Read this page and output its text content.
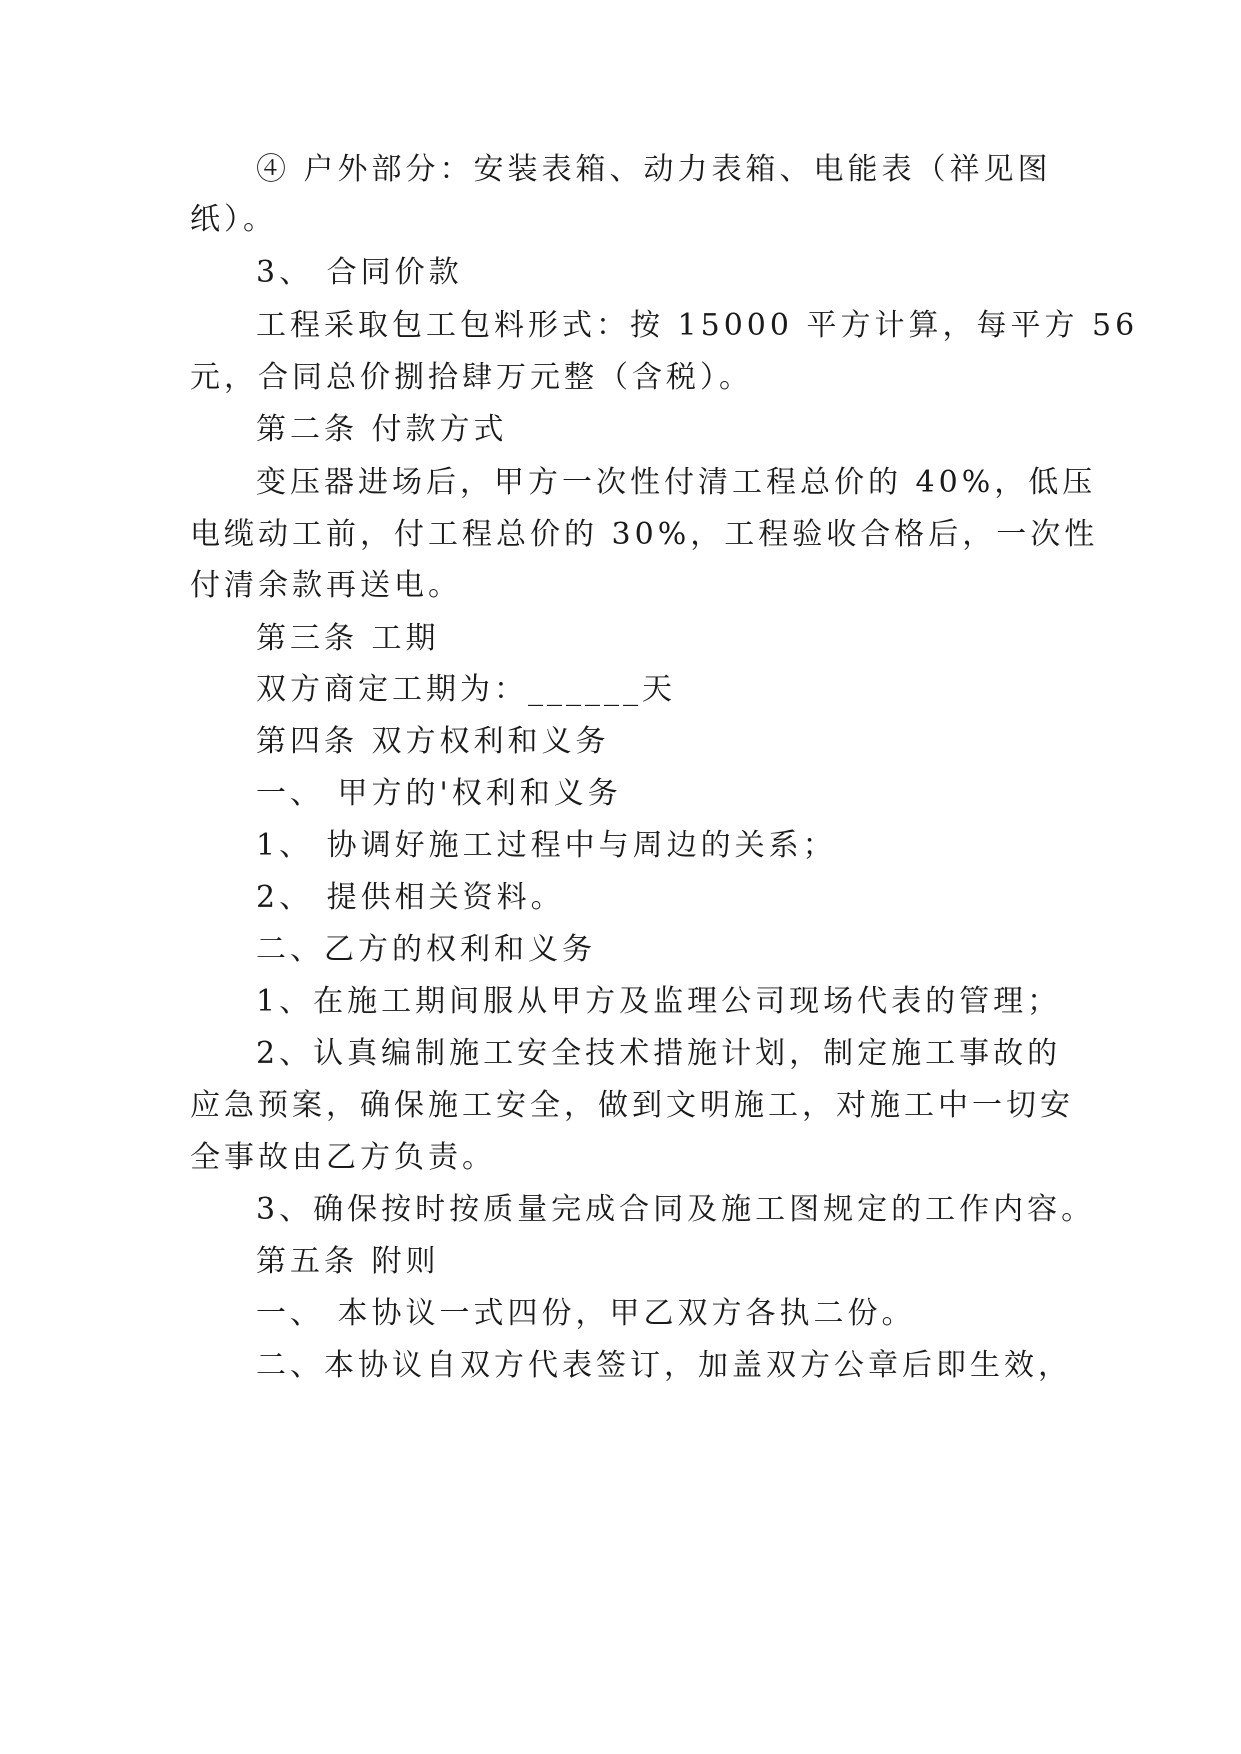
④ 户外部分：安装表箱、动力表箱、电能表（祥见图
纸）。
3、 合同价款
工程采取包工包料形式：按 15000 平方计算，每平方 56
元，合同总价捌拾肆万元整（含税）。
第二条 付款方式
变压器进场后，甲方一次性付清工程总价的 40%，低压
电缆动工前，付工程总价的 30%，工程验收合格后，一次性
付清余款再送电。
第三条 工期
双方商定工期为：______天
第四条 双方权利和义务
一、 甲方的'权利和义务
1、 协调好施工过程中与周边的关系；
2、 提供相关资料。
二、乙方的权利和义务
1、在施工期间服从甲方及监理公司现场代表的管理；
2、认真编制施工安全技术措施计划，制定施工事故的
应急预案，确保施工安全，做到文明施工，对施工中一切安
全事故由乙方负责。
3、确保按时按质量完成合同及施工图规定的工作内容。
第五条 附则
一、 本协议一式四份，甲乙双方各执二份。
二、本协议自双方代表签订，加盖双方公章后即生效，
